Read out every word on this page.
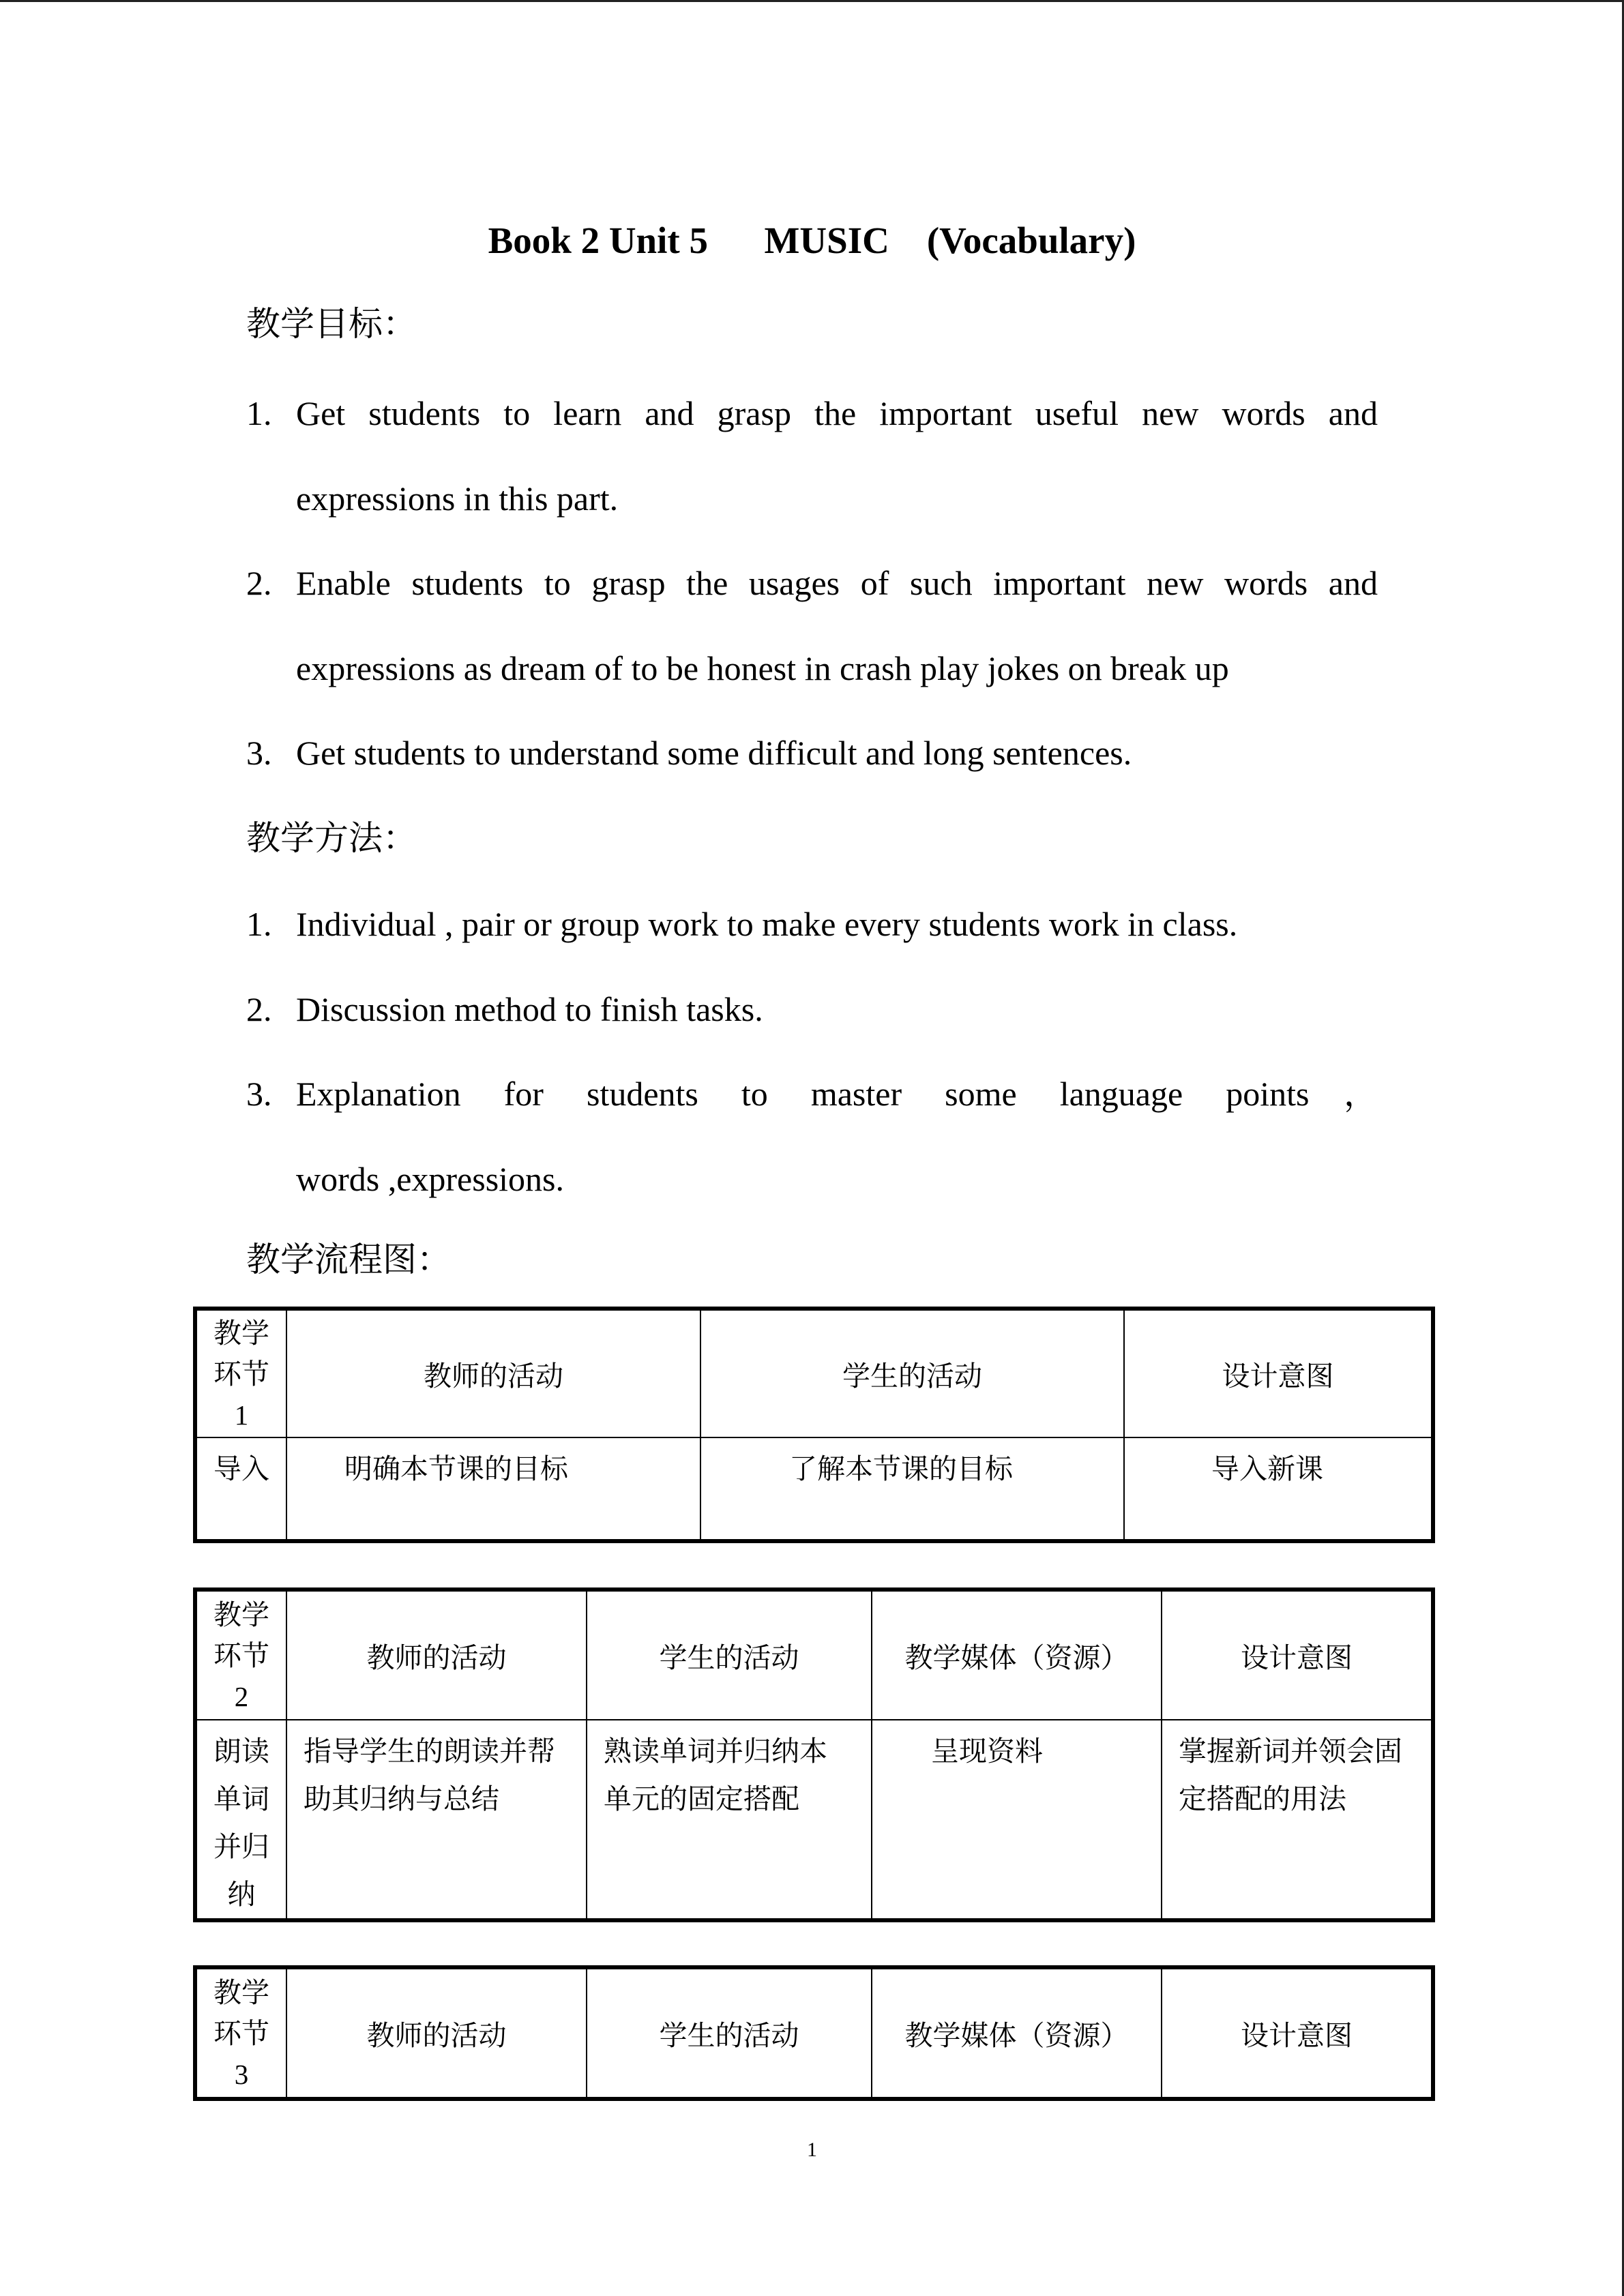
Book 2 Unit 5      MUSIC    (Vocabulary)
教学目标：
1. Get students to learn and grasp the important useful new words and
expressions in this part.
2. Enable students to grasp the usages of such important new words and
expressions as dream of to be honest in crash play jokes on break up
3. Get students to understand some difficult and long sentences.
教学方法：
1. Individual , pair or group work to make every students work in class.
2. Discussion method to finish tasks.
3. Explanation for students to master some language points，
words ,expressions.
教学流程图：
教学
环节
1	教师的活动	学生的活动	设计意图

导入	明确本节课的目标	了解本节课的目标	导入新课
教学
环节
2	教师的活动	学生的活动	教学媒体（资源）	设计意图

朗读
单词
并归
纳	指导学生的朗读并帮
助其归纳与总结	熟读单词并归纳本
单元的固定搭配	呈现资料	掌握新词并领会固
定搭配的用法
教学
环节
3
	教师的活动	学生的活动	教学媒体（资源）	设计意图
1
